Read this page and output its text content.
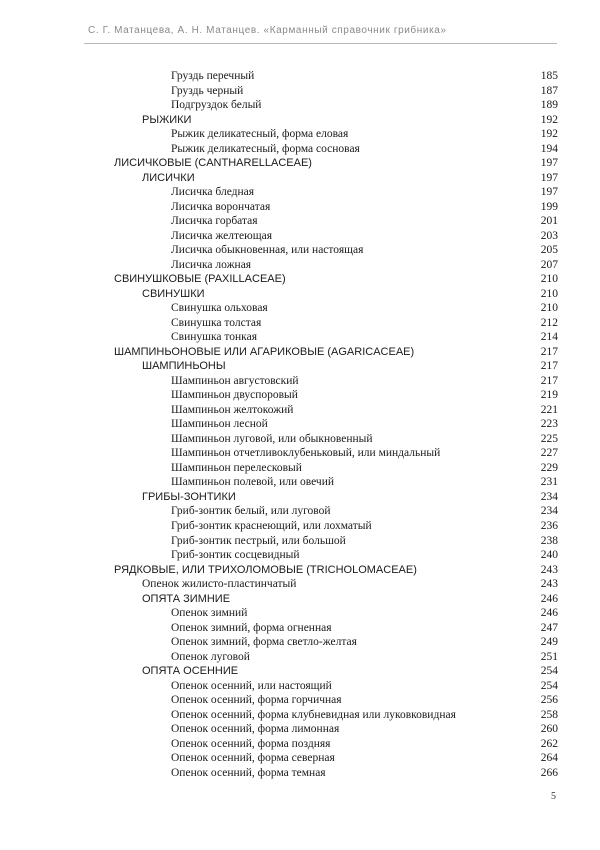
С. Г. Матанцева, А. Н. Матанцев. «Карманный справочник грибника»
Груздь перечный	185
Груздь черный	187
Подгруздок белый	189
РЫЖИКИ	192
Рыжик деликатесный, форма еловая	192
Рыжик деликатесный, форма сосновая	194
ЛИСИЧКОВЫЕ (CANTHARELLACEAE)	197
ЛИСИЧКИ	197
Лисичка бледная	197
Лисичка ворончатая	199
Лисичка горбатая	201
Лисичка желтеющая	203
Лисичка обыкновенная, или настоящая	205
Лисичка ложная	207
СВИНУШКОВЫЕ (PAXILLACEAE)	210
СВИНУШКИ	210
Свинушка ольховая	210
Свинушка толстая	212
Свинушка тонкая	214
ШАМПИНЬОНОВЫЕ ИЛИ АГАРИКОВЫЕ (AGARICACEAE)	217
ШАМПИНЬОНЫ	217
Шампиньон августовский	217
Шампиньон двуспоровый	219
Шампиньон желтокожий	221
Шампиньон лесной	223
Шампиньон луговой, или обыкновенный	225
Шампиньон отчетливоклубеньковый, или миндальный	227
Шампиньон перелесковый	229
Шампиньон полевой, или овечий	231
ГРИБЫ-ЗОНТИКИ	234
Гриб-зонтик белый, или луговой	234
Гриб-зонтик краснеющий, или лохматый	236
Гриб-зонтик пестрый, или большой	238
Гриб-зонтик сосцевидный	240
РЯДКОВЫЕ, ИЛИ ТРИХОЛОМОВЫЕ (TRICHOLOMACEAE)	243
Опенок жилисто-пластинчатый	243
ОПЯТА ЗИМНИЕ	246
Опенок зимний	246
Опенок зимний, форма огненная	247
Опенок зимний, форма светло-желтая	249
Опенок луговой	251
ОПЯТА ОСЕННИЕ	254
Опенок осенний, или настоящий	254
Опенок осенний, форма горчичная	256
Опенок осенний, форма клубневидная или луковковидная	258
Опенок осенний, форма лимонная	260
Опенок осенний, форма поздняя	262
Опенок осенний, форма северная	264
Опенок осенний, форма темная	266
5
